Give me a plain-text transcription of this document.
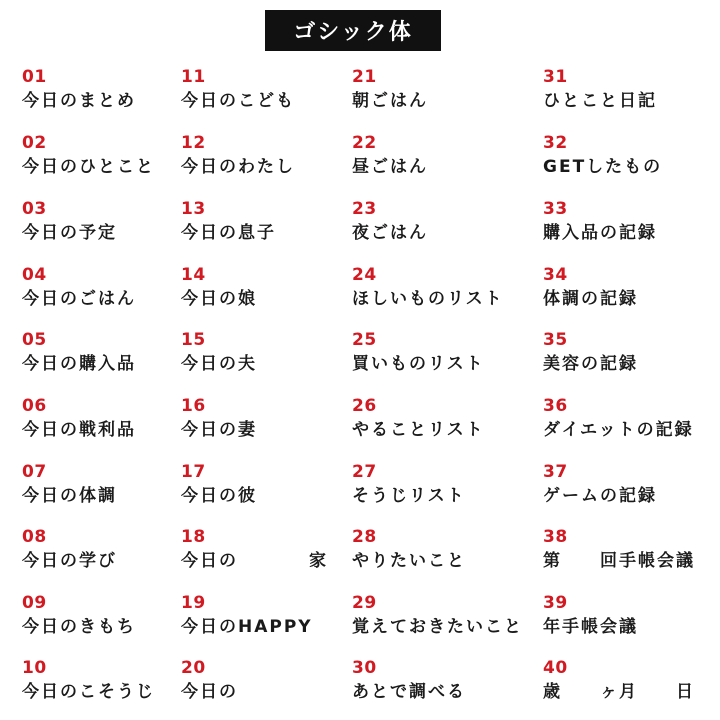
ゴシック体
01
今日のまとめ
02
今日のひとこと
03
今日の予定
04
今日のごはん
05
今日の購入品
06
今日の戦利品
07
今日の体調
08
今日の学び
09
今日のきもち
10
今日のこそうじ
11
今日のこども
12
今日のわたし
13
今日の息子
14
今日の娘
15
今日の夫
16
今日の妻
17
今日の彼
18
今日の	家
19
今日のHAPPY
20
今日の
21
朝ごはん
22
昼ごはん
23
夜ごはん
24
ほしいものリスト
25
買いものリスト
26
やることリスト
27
そうじリスト
28
やりたいこと
29
覚えておきたいこと
30
あとで調べる
31
ひとこと日記
32
GETしたもの
33
購入品の記録
34
体調の記録
35
美容の記録
36
ダイエットの記録
37
ゲームの記録
38
第　　回手帳会議
39
年手帳会議
40
歳　　ヶ月　　日
